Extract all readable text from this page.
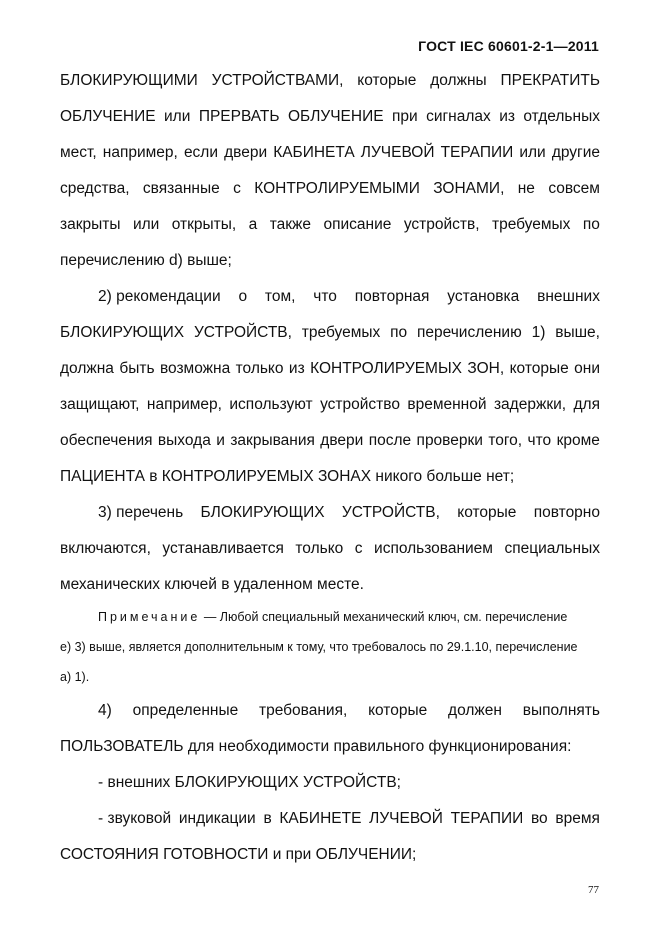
ГОСТ IEC 60601-2-1—2011
БЛОКИРУЮЩИМИ УСТРОЙСТВАМИ, которые должны ПРЕКРАТИТЬ
ОБЛУЧЕНИЕ или ПРЕРВАТЬ ОБЛУЧЕНИЕ при сигналах из отдельных
мест, например, если двери КАБИНЕТА ЛУЧЕВОЙ ТЕРАПИИ или другие
средства, связанные с КОНТРОЛИРУЕМЫМИ ЗОНАМИ, не совсем
закрыты или открыты, а также описание устройств, требуемых по
перечислению d) выше;
2) рекомендации о том, что повторная установка внешних
БЛОКИРУЮЩИХ УСТРОЙСТВ, требуемых по перечислению 1) выше,
должна быть возможна только из КОНТРОЛИРУЕМЫХ ЗОН, которые они
защищают, например, используют устройство временной задержки, для
обеспечения выхода и закрывания двери после проверки того, что кроме
ПАЦИЕНТА в КОНТРОЛИРУЕМЫХ ЗОНАХ никого больше нет;
3) перечень БЛОКИРУЮЩИХ УСТРОЙСТВ, которые повторно
включаются, устанавливается только с использованием специальных
механических ключей в удаленном месте.
Примечание — Любой специальный механический ключ, см. перечисление
е) 3) выше, является дополнительным к тому, что требовалось по 29.1.10, перечисление
а) 1).
4) определенные требования, которые должен выполнять
ПОЛЬЗОВАТЕЛЬ для необходимости правильного функционирования:
- внешних БЛОКИРУЮЩИХ УСТРОЙСТВ;
- звуковой индикации в КАБИНЕТЕ ЛУЧЕВОЙ ТЕРАПИИ во время
СОСТОЯНИЯ ГОТОВНОСТИ и при ОБЛУЧЕНИИ;
77
